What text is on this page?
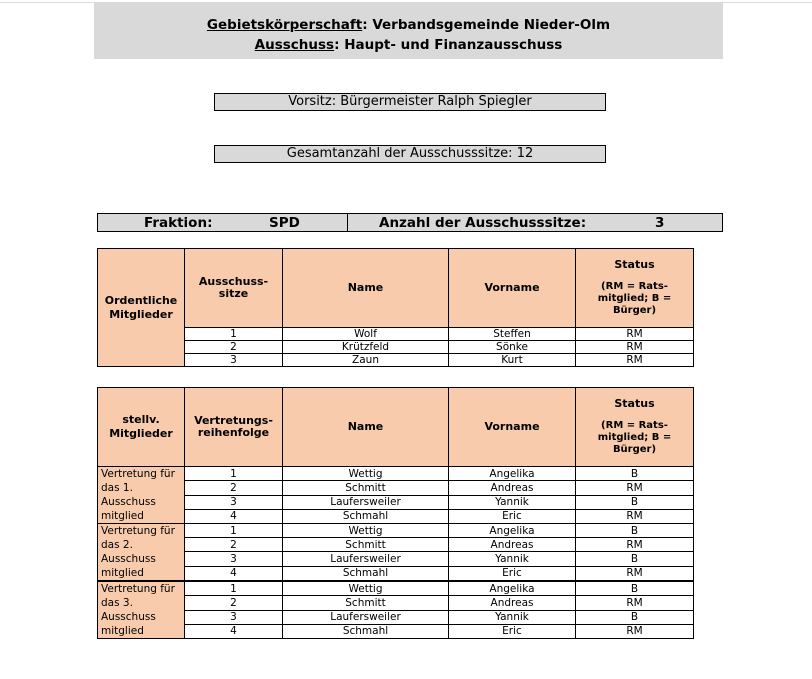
Gebietskörperschaft: Verbandsgemeinde Nieder-Olm
Ausschuss: Haupt- und Finanzausschuss
Vorsitz: Bürgermeister Ralph Spiegler
Gesamtanzahl der Ausschusssitze: 12
Fraktion:	SPD	Anzahl der Ausschusssitze:	3
Ordentliche Mitglieder	Ausschuss-sitze	Name	Vorname	Status
(RM = Rats-mitglied; B = Bürger)

	1	Wolf	Steffen	RM
	2	Krützfeld	Sönke	RM
	3	Zaun	Kurt	RM
stellv. Mitglieder	Vertretungs-reihenfolge	Name	Vorname	Status
(RM = Rats-mitglied; B = Bürger)

Vertretung für das 1. Ausschuss mitglied	1	Wettig	Angelika	B
	2	Schmitt	Andreas	RM
	3	Laufersweiler	Yannik	B
	4	Schmahl	Eric	RM
Vertretung für das 2. Ausschuss mitglied	1	Wettig	Angelika	B
	2	Schmitt	Andreas	RM
	3	Laufersweiler	Yannik	B
	4	Schmahl	Eric	RM
Vertretung für das 3. Ausschuss mitglied	1	Wettig	Angelika	B
	2	Schmitt	Andreas	RM
	3	Laufersweiler	Yannik	B
	4	Schmahl	Eric	RM
